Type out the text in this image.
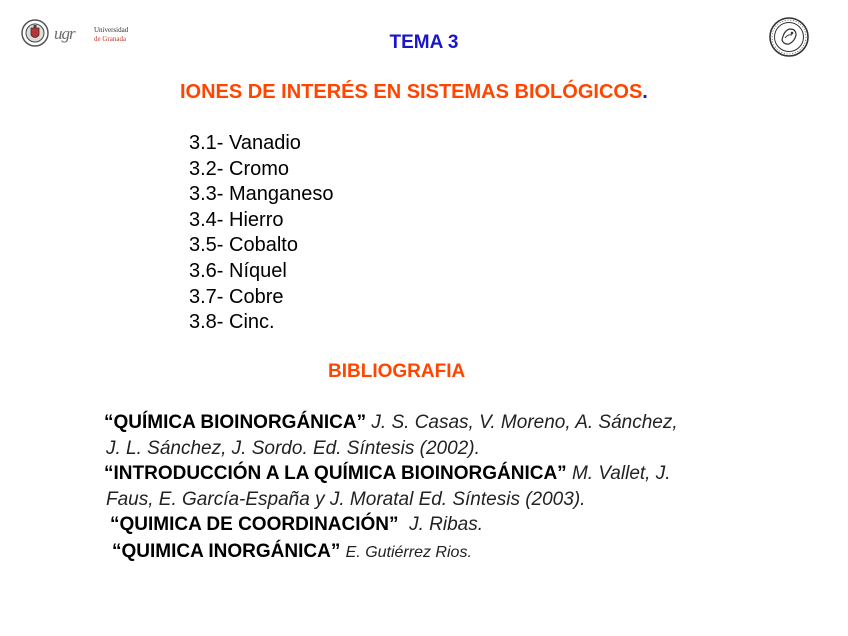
ugr	Universidad
de Granada	TEMA 3
IONES DE INTERÉS EN SISTEMAS BIOLÓGICOS.
3.1- Vanadio
3.2- Cromo
3.3- Manganeso
3.4- Hierro
3.5- Cobalto
3.6- Níquel
3.7- Cobre
3.8- Cinc.
BIBLIOGRAFIA
“QUÍMICA BIOINORGÁNICA” J. S. Casas, V. Moreno, A. Sánchez,
J. L. Sánchez, J. Sordo. Ed. Síntesis (2002).
“INTRODUCCIÓN A LA QUÍMICA BIOINORGÁNICA” M. Vallet, J.
Faus, E. García-España y J. Moratal Ed. Síntesis (2003).
“QUIMICA DE COORDINACIÓN” J. Ribas.
“QUIMICA INORGÁNICA” E. Gutiérrez Rios.
